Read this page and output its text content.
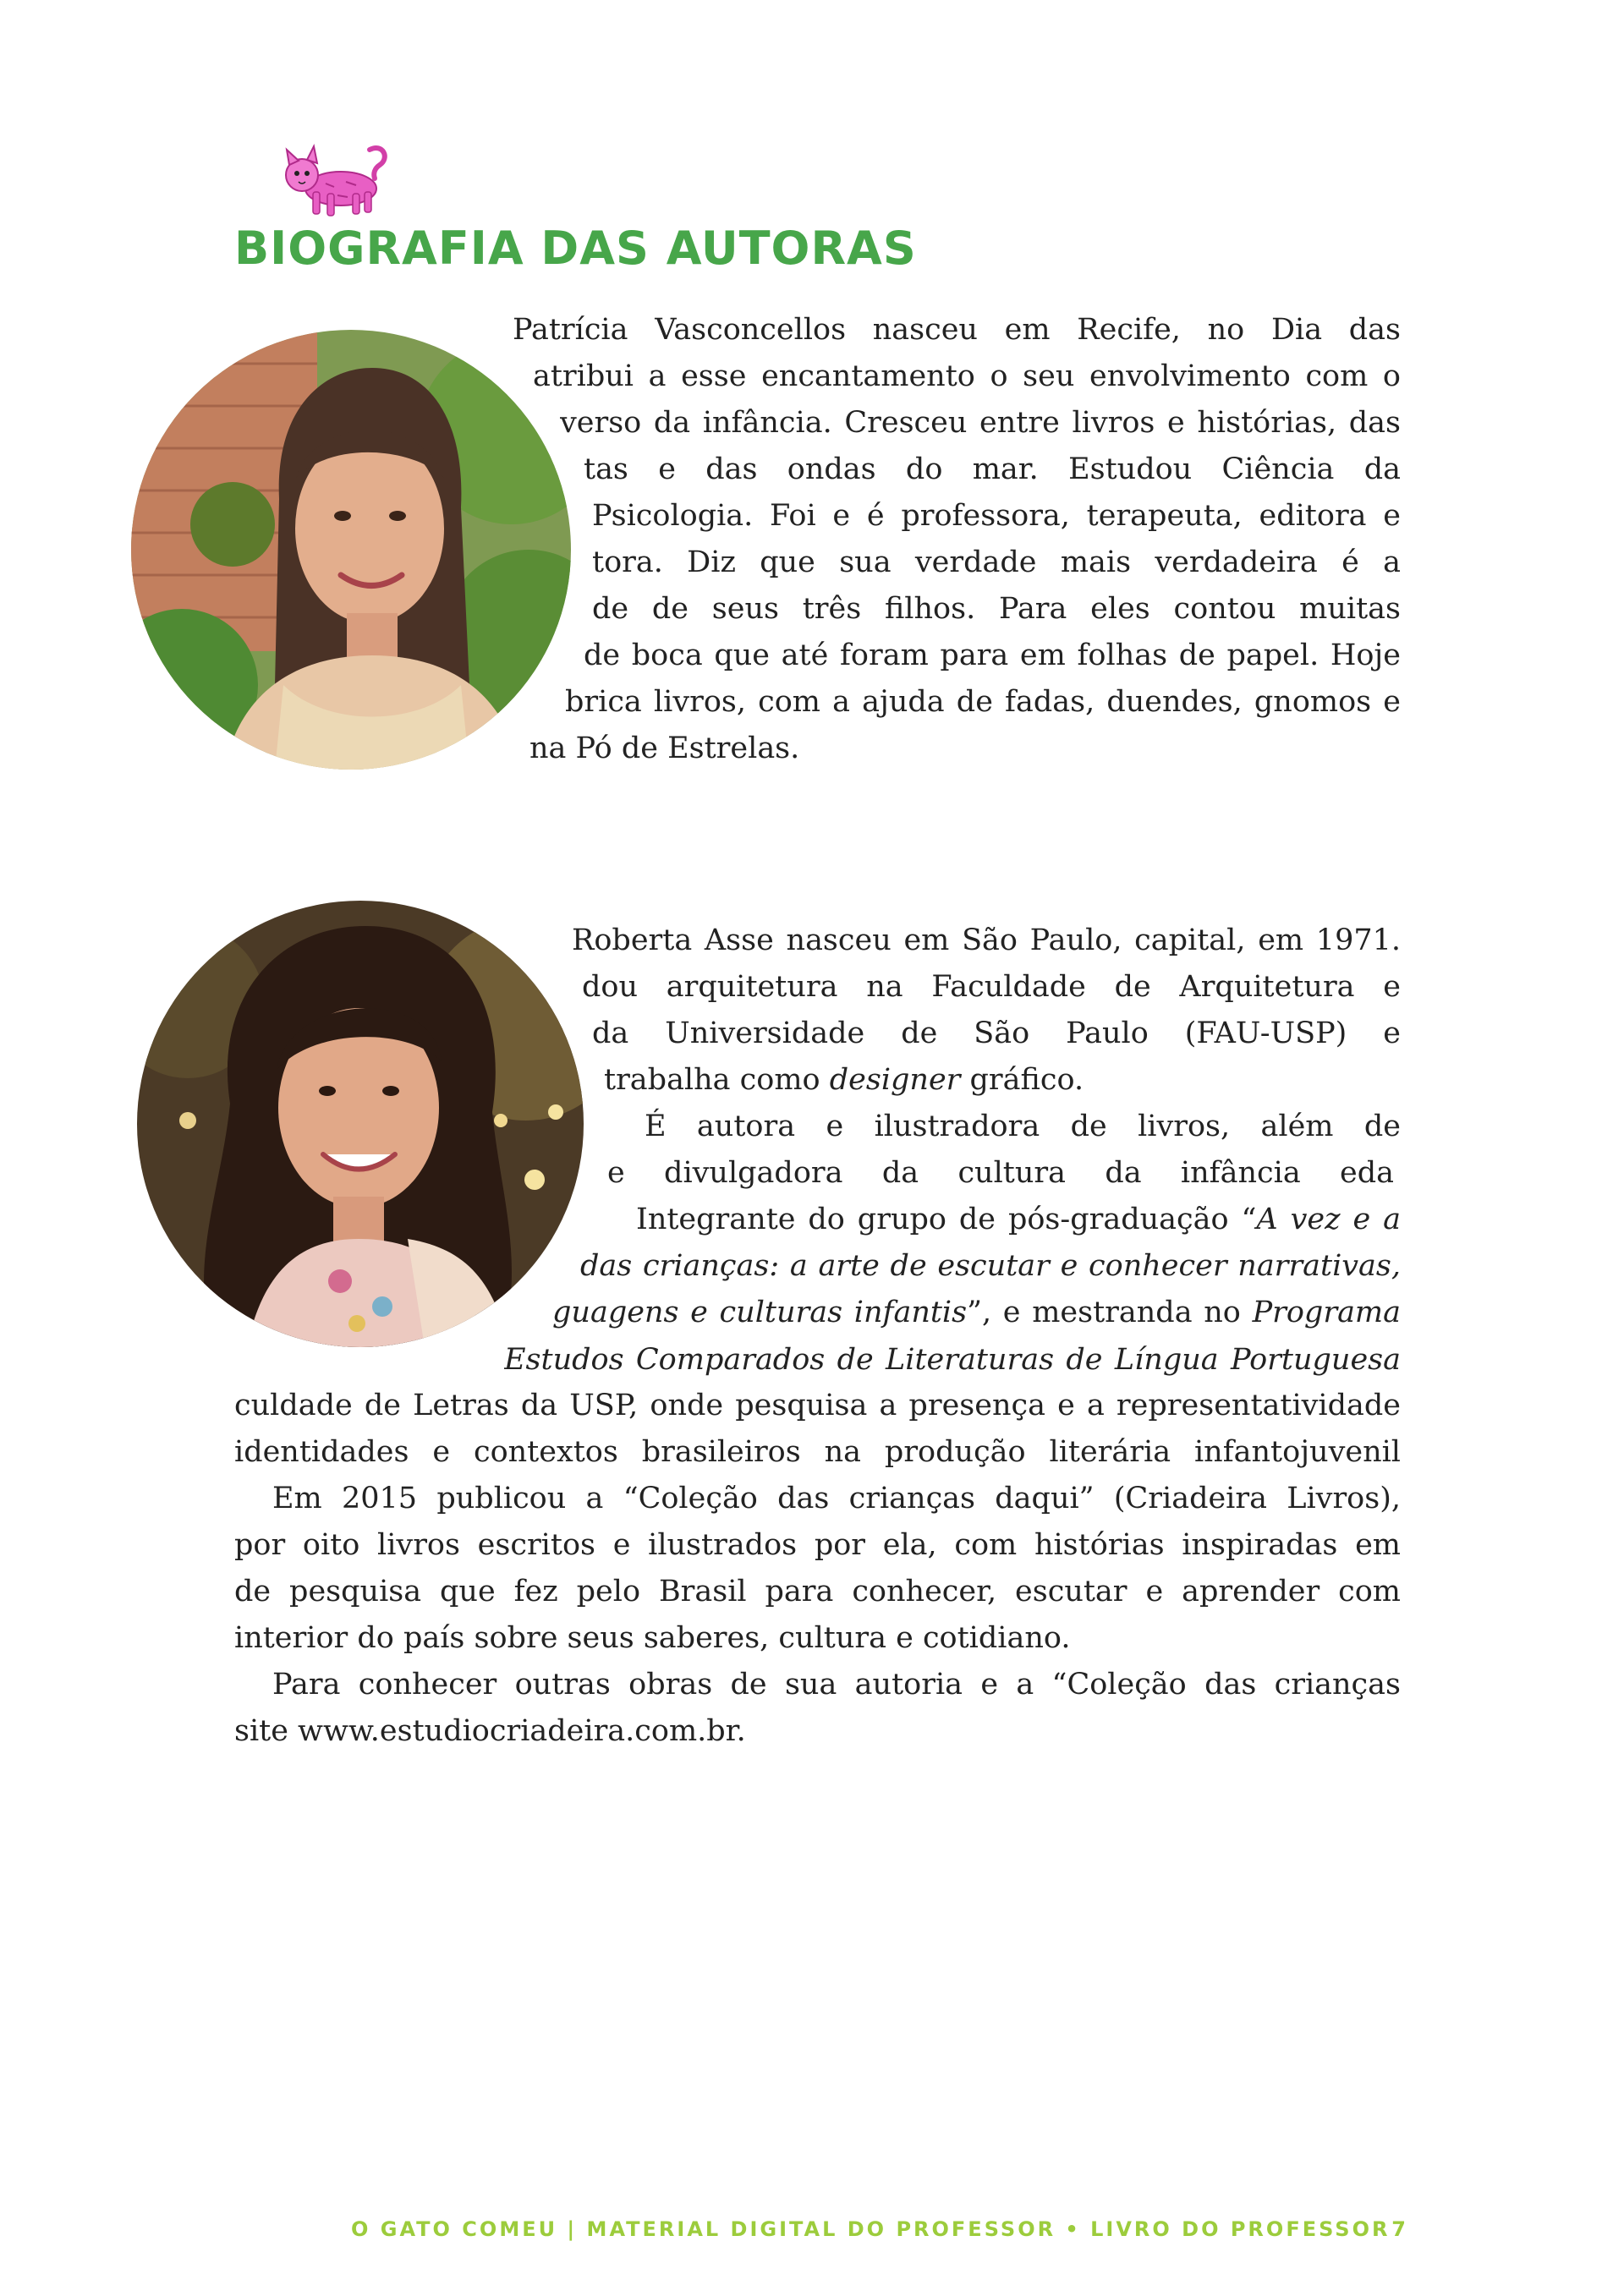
BIOGRAFIA DAS AUTORAS
Patrícia Vasconcellos nasceu em Recife, no Dia das
atribui a esse encantamento o seu envolvimento com o
verso da infância. Cresceu entre livros e histórias, das
tas e das ondas do mar. Estudou Ciência da
Psicologia. Foi e é professora, terapeuta, editora e
tora. Diz que sua verdade mais verdadeira é a
de de seus três filhos. Para eles contou muitas
de boca que até foram para em folhas de papel. Hoje
brica livros, com a ajuda de fadas, duendes, gnomos e
na Pó de Estrelas.
Roberta Asse nasceu em São Paulo, capital, em 1971.
dou arquitetura na Faculdade de Arquitetura e
da Universidade de São Paulo (FAU-USP) e
trabalha como designer gráfico.
É autora e ilustradora de livros, além de
e divulgadora da cultura da infância eda
Integrante do grupo de pós-graduação “A vez e a
das crianças: a arte de escutar e conhecer narrativas,
guagens e culturas infantis”, e mestranda no Programa
Estudos Comparados de Literaturas de Língua Portuguesa
culdade de Letras da USP, onde pesquisa a presença e a representatividade
identidades e contextos brasileiros na produção literária infantojuvenil
Em 2015 publicou a “Coleção das crianças daqui” (Criadeira Livros),
por oito livros escritos e ilustrados por ela, com histórias inspiradas em
de pesquisa que fez pelo Brasil para conhecer, escutar e aprender com
interior do país sobre seus saberes, cultura e cotidiano.
Para conhecer outras obras de sua autoria e a “Coleção das crianças
site www.estudiocriadeira.com.br.
O GATO COMEU | MATERIAL DIGITAL DO PROFESSOR • LIVRO DO PROFESSOR 7
